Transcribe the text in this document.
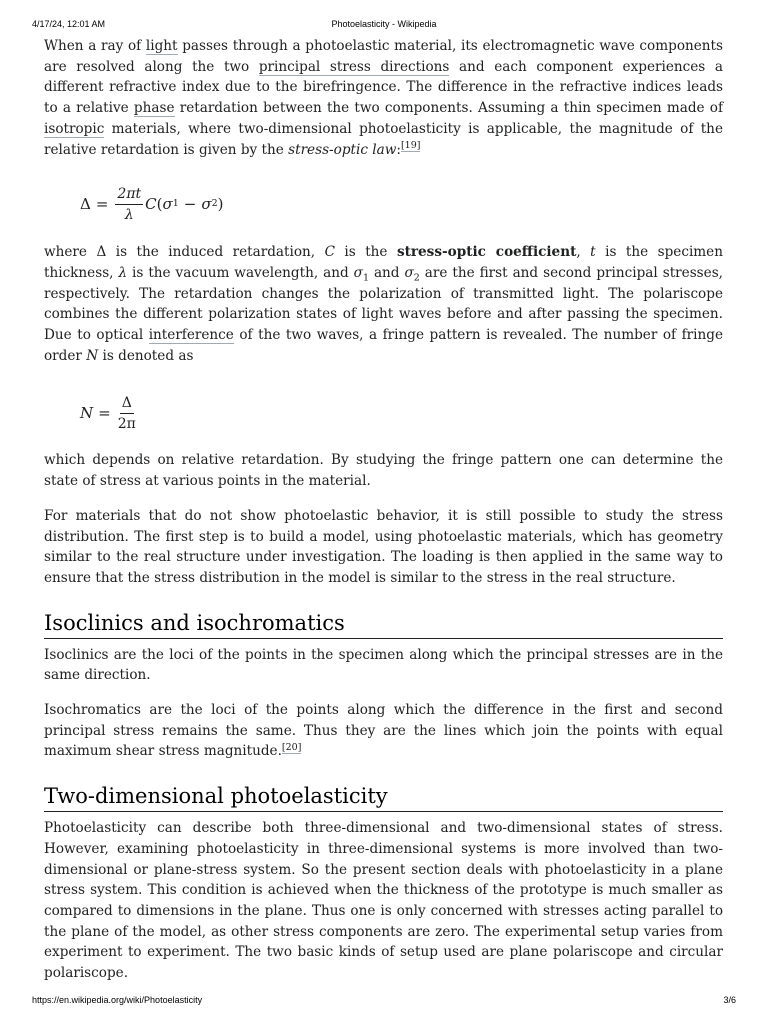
4/17/24, 12:01 AM	Photoelasticity - Wikipedia

When a ray of light passes through a photoelastic material, its electromagnetic wave components are resolved along the two principal stress directions and each component experiences a different refractive index due to the birefringence. The difference in the refractive indices leads to a relative phase retardation between the two components. Assuming a thin specimen made of isotropic materials, where two-dimensional photoelasticity is applicable, the magnitude of the relative retardation is given by the stress-optic law:[19]

$\Delta = \frac{2\pi t}{\lambda}$ C ( σ 1 − σ 2 )

where Δ is the induced retardation, C is the stress-optic coefficient, t is the specimen thickness, λ is the vacuum wavelength, and $\sigma_1$ and $\sigma_2$ are the first and second principal stresses, respectively. The retardation changes the polarization of transmitted light. The polariscope combines the different polarization states of light waves before and after passing the specimen. Due to optical interference of the two waves, a fringe pattern is revealed. The number of fringe order N is denoted as

$N = \frac{\Delta}{2\pi}$

which depends on relative retardation. By studying the fringe pattern one can determine the state of stress at various points in the material.

For materials that do not show photoelastic behavior, it is still possible to study the stress distribution. The first step is to build a model, using photoelastic materials, which has geometry similar to the real structure under investigation. The loading is then applied in the same way to ensure that the stress distribution in the model is similar to the stress in the real structure.

Isoclinics and isochromatics

Isoclinics are the loci of the points in the specimen along which the principal stresses are in the same direction.

Isochromatics are the loci of the points along which the difference in the first and second principal stress remains the same. Thus they are the lines which join the points with equal maximum shear stress magnitude.[20]

Two-dimensional photoelasticity

Photoelasticity can describe both three-dimensional and two-dimensional states of stress. However, examining photoelasticity in three-dimensional systems is more involved than two-dimensional or plane-stress system. So the present section deals with photoelasticity in a plane stress system. This condition is achieved when the thickness of the prototype is much smaller as compared to dimensions in the plane. Thus one is only concerned with stresses acting parallel to the plane of the model, as other stress components are zero. The experimental setup varies from experiment to experiment. The two basic kinds of setup used are plane polariscope and circular polariscope.

https://en.wikipedia.org/wiki/Photoelasticity	3/6
